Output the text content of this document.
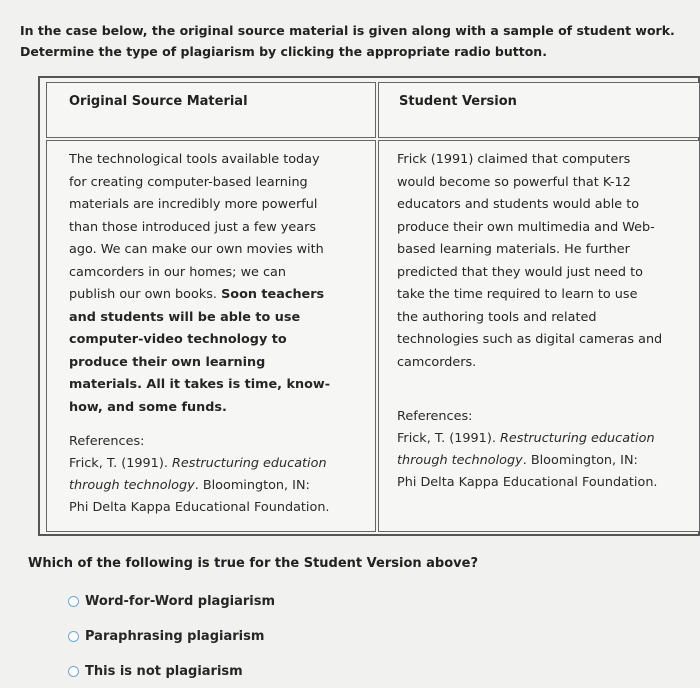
In the case below, the original source material is given along with a sample of student work.
Determine the type of plagiarism by clicking the appropriate radio button.
Original Source Material	Student Version
The technological tools available today
for creating computer-based learning
materials are incredibly more powerful
than those introduced just a few years
ago. We can make our own movies with
camcorders in our homes; we can
publish our own books. Soon teachers
and students will be able to use
computer-video technology to
produce their own learning
materials. All it takes is time, know-
how, and some funds.
References:
Frick, T. (1991). Restructuring education
through technology. Bloomington, IN:
Phi Delta Kappa Educational Foundation.
Frick (1991) claimed that computers
would become so powerful that K-12
educators and students would able to
produce their own multimedia and Web-
based learning materials. He further
predicted that they would just need to
take the time required to learn to use
the authoring tools and related
technologies such as digital cameras and
camcorders.
References:
Frick, T. (1991). Restructuring education
through technology. Bloomington, IN:
Phi Delta Kappa Educational Foundation.
Which of the following is true for the Student Version above?
Word-for-Word plagiarism
Paraphrasing plagiarism
This is not plagiarism
